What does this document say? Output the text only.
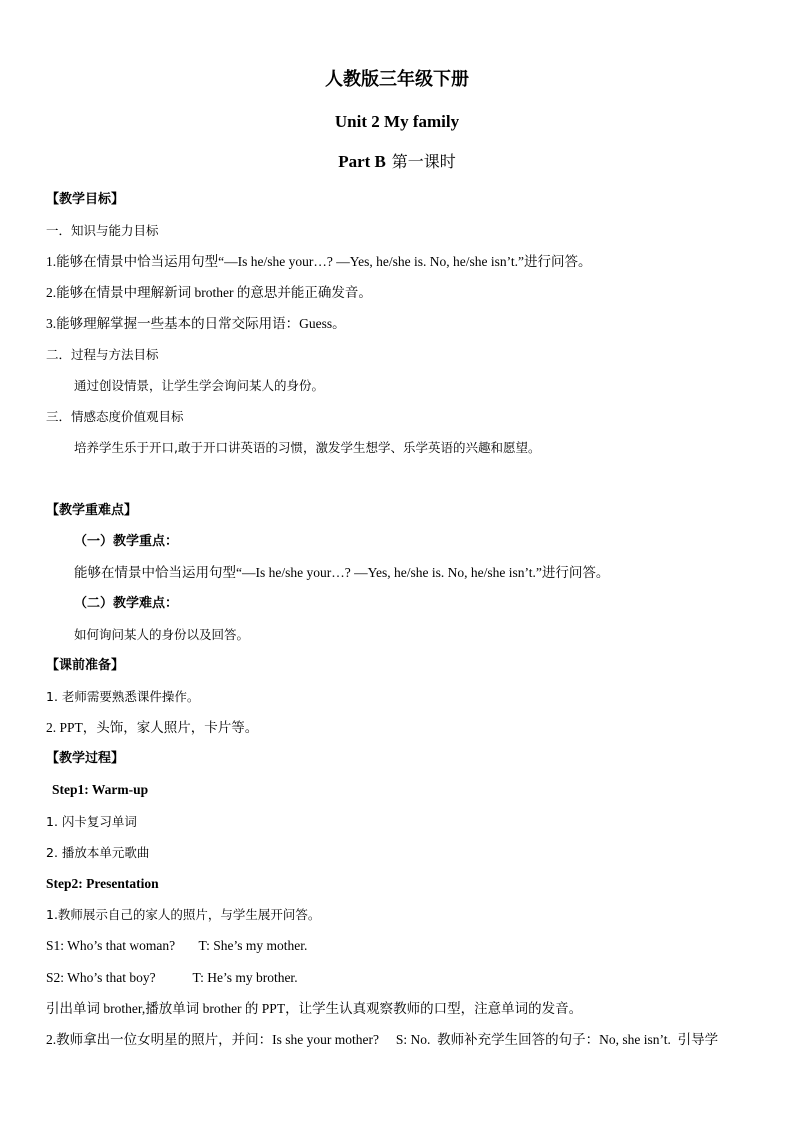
人教版三年级下册
Unit 2 My family
Part B 第一课时
【教学目标】
一．知识与能力目标
1.能够在情景中恰当运用句型“—Is he/she your…? —Yes, he/she is. No, he/she isn’t.”进行问答。
2.能够在情景中理解新词 brother 的意思并能正确发音。
3.能够理解掌握一些基本的日常交际用语：Guess。
二．过程与方法目标
通过创设情景，让学生学会询问某人的身份。
三．情感态度价值观目标
培养学生乐于开口,敢于开口讲英语的习惯，激发学生想学、乐学英语的兴趣和愿望。
【教学重难点】
（一）教学重点：
能够在情景中恰当运用句型“—Is he/she your…? —Yes, he/she is. No, he/she isn’t.”进行问答。
（二）教学难点：
如何询问某人的身份以及回答。
【课前准备】
1. 老师需要熟悉课件操作。
2. PPT，头饰，家人照片，卡片等。
【教学过程】
Step1: Warm-up
1. 闪卡复习单词
2. 播放本单元歌曲
Step2: Presentation
1.教师展示自己的家人的照片，与学生展开问答。
S1: Who’s that woman?       T: She’s my mother.
S2: Who’s that boy?           T: He’s my brother.
引出单词 brother,播放单词 brother 的 PPT，让学生认真观察教师的口型，注意单词的发音。
2.教师拿出一位女明星的照片，并问：Is she your mother?     S: No.  教师补充学生回答的句子：No, she isn’t.  引导学
